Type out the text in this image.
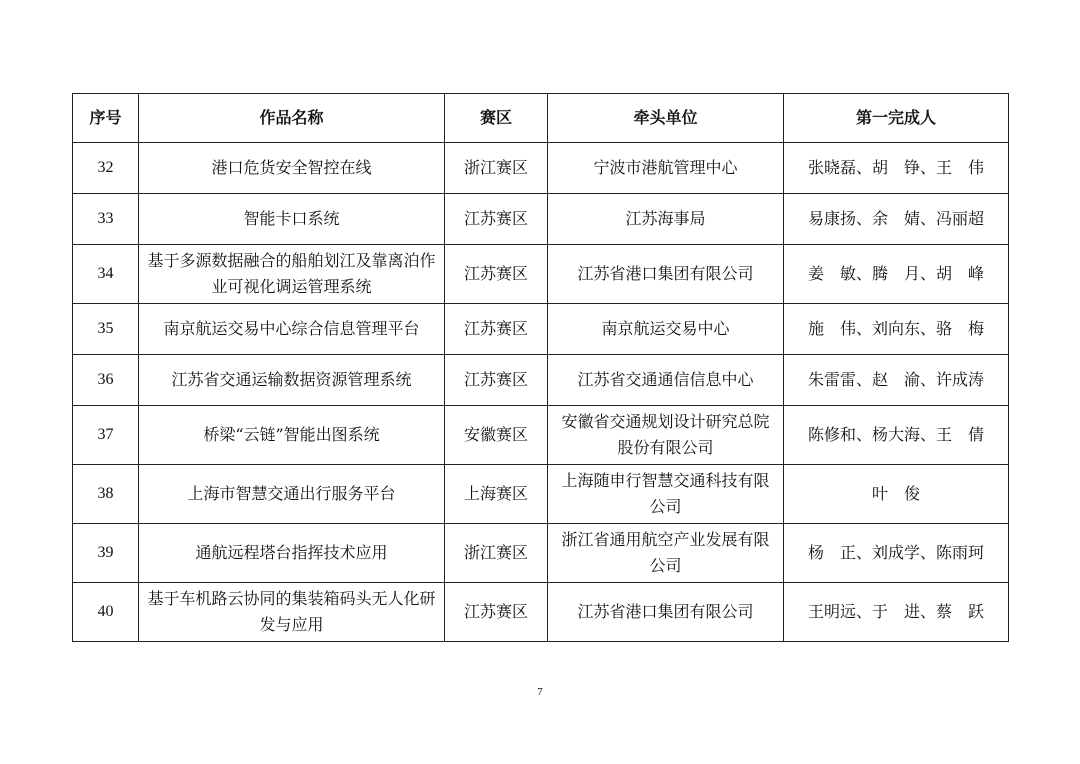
序号	作品名称	赛区	牵头单位	第一完成人
32	港口危货安全智控在线	浙江赛区	宁波市港航管理中心	张晓磊、胡　铮、王　伟
33	智能卡口系统	江苏赛区	江苏海事局	易康扬、余　婧、冯丽超
34	基于多源数据融合的船舶划江及靠离泊作业可视化调运管理系统	江苏赛区	江苏省港口集团有限公司	姜　敏、腾　月、胡　峰
35	南京航运交易中心综合信息管理平台	江苏赛区	南京航运交易中心	施　伟、刘向东、骆　梅
36	江苏省交通运输数据资源管理系统	江苏赛区	江苏省交通通信信息中心	朱雷雷、赵　渝、许成涛
37	桥梁“云链”智能出图系统	安徽赛区	安徽省交通规划设计研究总院股份有限公司	陈修和、杨大海、王　倩
38	上海市智慧交通出行服务平台	上海赛区	上海随申行智慧交通科技有限公司	叶　俊
39	通航远程塔台指挥技术应用	浙江赛区	浙江省通用航空产业发展有限公司	杨　正、刘成学、陈雨珂
40	基于车机路云协同的集装箱码头无人化研发与应用	江苏赛区	江苏省港口集团有限公司	王明远、于　进、蔡　跃
7
